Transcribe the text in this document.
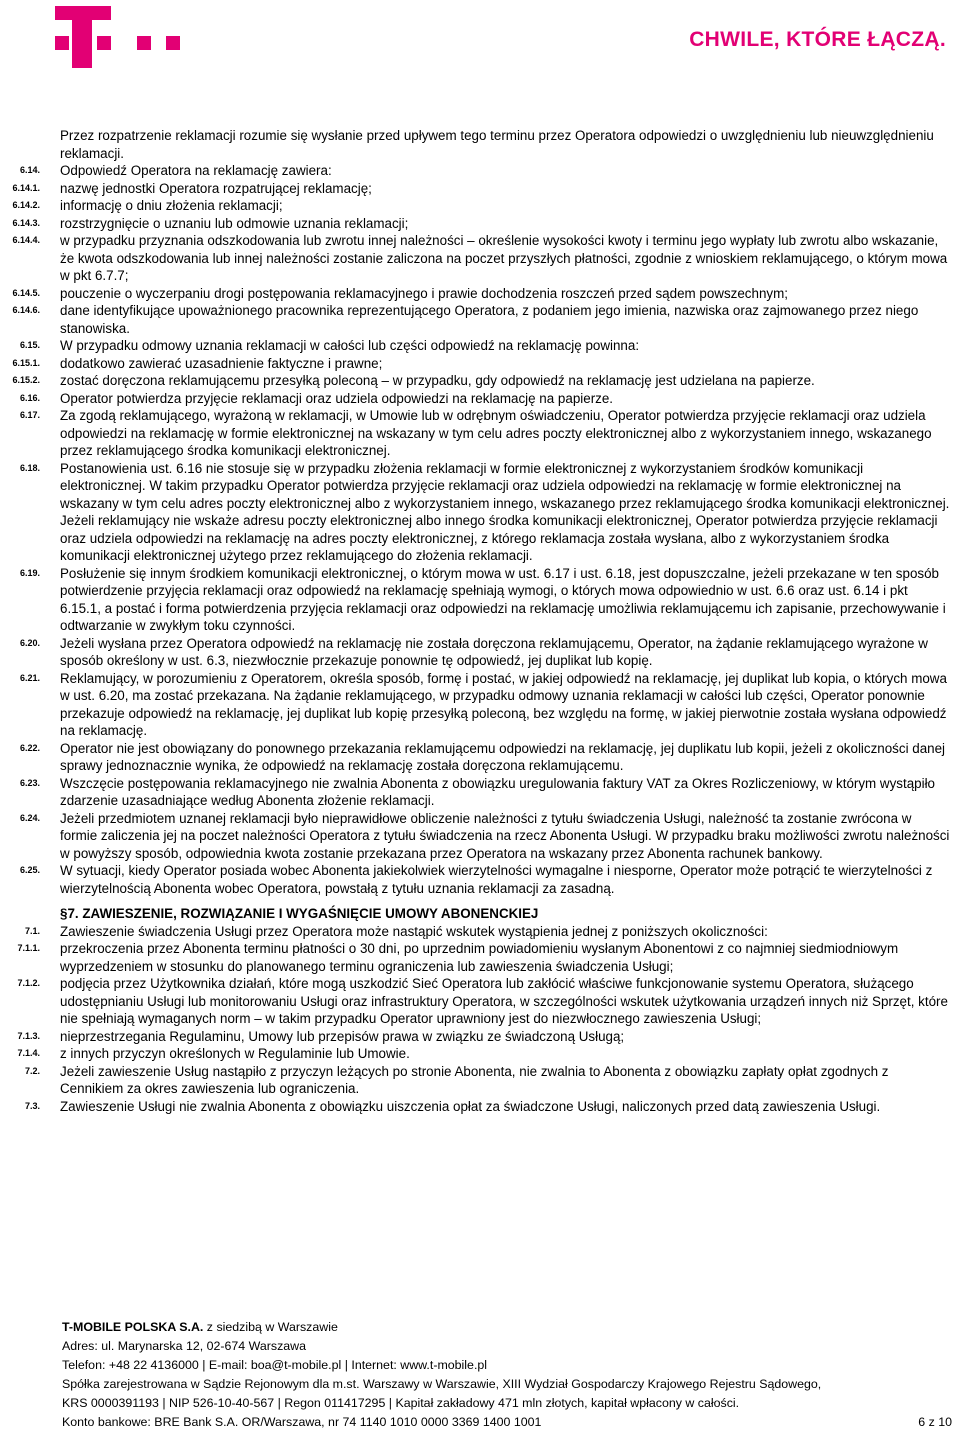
CHWILE, KTÓRE ŁĄCZĄ.
Przez rozpatrzenie reklamacji rozumie się wysłanie przed upływem tego terminu przez Operatora odpowiedzi o uwzględnieniu lub nieuwzględnieniu reklamacji.
6.14.	Odpowiedź Operatora na reklamację zawiera:
6.14.1.	nazwę jednostki Operatora rozpatrującej reklamację;
6.14.2.	informację o dniu złożenia reklamacji;
6.14.3.	rozstrzygnięcie o uznaniu lub odmowie uznania reklamacji;
6.14.4.	w przypadku przyznania odszkodowania lub zwrotu innej należności – określenie wysokości kwoty i terminu jego wypłaty lub zwrotu albo wskazanie, że kwota odszkodowania lub innej należności zostanie zaliczona na poczet przyszłych płatności, zgodnie z wnioskiem reklamującego, o którym mowa w pkt 6.7.7;
6.14.5.	pouczenie o wyczerpaniu drogi postępowania reklamacyjnego i prawie dochodzenia roszczeń przed sądem powszechnym;
6.14.6.	dane identyfikujące upoważnionego pracownika reprezentującego Operatora, z podaniem jego imienia, nazwiska oraz zajmowanego przez niego stanowiska.
6.15.	W przypadku odmowy uznania reklamacji w całości lub części odpowiedź na reklamację powinna:
6.15.1.	dodatkowo zawierać uzasadnienie faktyczne i prawne;
6.15.2.	zostać doręczona reklamującemu przesyłką poleconą – w przypadku, gdy odpowiedź na reklamację jest udzielana na papierze.
6.16.	Operator potwierdza przyjęcie reklamacji oraz udziela odpowiedzi na reklamację na papierze.
6.17.	Za zgodą reklamującego, wyrażoną w reklamacji, w Umowie lub w odrębnym oświadczeniu, Operator potwierdza przyjęcie reklamacji oraz udziela odpowiedzi na reklamację w formie elektronicznej na wskazany w tym celu adres poczty elektronicznej albo z wykorzystaniem innego, wskazanego przez reklamującego środka komunikacji elektronicznej.
6.18.	Postanowienia ust. 6.16 nie stosuje się w przypadku złożenia reklamacji w formie elektronicznej z wykorzystaniem środków komunikacji elektronicznej. W takim przypadku Operator potwierdza przyjęcie reklamacji oraz udziela odpowiedzi na reklamację w formie elektronicznej na wskazany w tym celu adres poczty elektronicznej albo z wykorzystaniem innego, wskazanego przez reklamującego środka komunikacji elektronicznej. Jeżeli reklamujący nie wskaże adresu poczty elektronicznej albo innego środka komunikacji elektronicznej, Operator potwierdza przyjęcie reklamacji oraz udziela odpowiedzi na reklamację na adres poczty elektronicznej, z którego reklamacja została wysłana, albo z wykorzystaniem środka komunikacji elektronicznej użytego przez reklamującego do złożenia reklamacji.
6.19.	Posłużenie się innym środkiem komunikacji elektronicznej, o którym mowa w ust. 6.17 i ust. 6.18, jest dopuszczalne, jeżeli przekazane w ten sposób potwierdzenie przyjęcia reklamacji oraz odpowiedź na reklamację spełniają wymogi, o których mowa odpowiednio w ust. 6.6 oraz ust. 6.14 i pkt 6.15.1, a postać i forma potwierdzenia przyjęcia reklamacji oraz odpowiedzi na reklamację umożliwia reklamującemu ich zapisanie, przechowywanie i odtwarzanie w zwykłym toku czynności.
6.20.	Jeżeli wysłana przez Operatora odpowiedź na reklamację nie została doręczona reklamującemu, Operator, na żądanie reklamującego wyrażone w sposób określony w ust. 6.3, niezwłocznie przekazuje ponownie tę odpowiedź, jej duplikat lub kopię.
6.21.	Reklamujący, w porozumieniu z Operatorem, określa sposób, formę i postać, w jakiej odpowiedź na reklamację, jej duplikat lub kopia, o których mowa w ust. 6.20, ma zostać przekazana. Na żądanie reklamującego, w przypadku odmowy uznania reklamacji w całości lub części, Operator ponownie przekazuje odpowiedź na reklamację, jej duplikat lub kopię przesyłką poleconą, bez względu na formę, w jakiej pierwotnie została wysłana odpowiedź na reklamację.
6.22.	Operator nie jest obowiązany do ponownego przekazania reklamującemu odpowiedzi na reklamację, jej duplikatu lub kopii, jeżeli z okoliczności danej sprawy jednoznacznie wynika, że odpowiedź na reklamację została doręczona reklamującemu.
6.23.	Wszczęcie postępowania reklamacyjnego nie zwalnia Abonenta z obowiązku uregulowania faktury VAT za Okres Rozliczeniowy, w którym wystąpiło zdarzenie uzasadniające według Abonenta złożenie reklamacji.
6.24.	Jeżeli przedmiotem uznanej reklamacji było nieprawidłowe obliczenie należności z tytułu świadczenia Usługi, należność ta zostanie zwrócona w formie zaliczenia jej na poczet należności Operatora z tytułu świadczenia na rzecz Abonenta Usługi. W przypadku braku możliwości zwrotu należności w powyższy sposób, odpowiednia kwota zostanie przekazana przez Operatora na wskazany przez Abonenta rachunek bankowy.
6.25.	W sytuacji, kiedy Operator posiada wobec Abonenta jakiekolwiek wierzytelności wymagalne i niesporne, Operator może potrącić te wierzytelności z wierzytelnością Abonenta wobec Operatora, powstałą z tytułu uznania reklamacji za zasadną.
§7. ZAWIESZENIE, ROZWIĄZANIE I WYGAŚNIĘCIE UMOWY ABONENCKIEJ
7.1.	Zawieszenie świadczenia Usługi przez Operatora może nastąpić wskutek wystąpienia jednej z poniższych okoliczności:
7.1.1.	przekroczenia przez Abonenta terminu płatności o 30 dni, po uprzednim powiadomieniu wysłanym Abonentowi z co najmniej siedmiodniowym wyprzedzeniem w stosunku do planowanego terminu ograniczenia lub zawieszenia świadczenia Usługi;
7.1.2.	podjęcia przez Użytkownika działań, które mogą uszkodzić Sieć Operatora lub zakłócić właściwe funkcjonowanie systemu Operatora, służącego udostępnianiu Usługi lub monitorowaniu Usługi oraz infrastruktury Operatora, w szczególności wskutek użytkowania urządzeń innych niż Sprzęt, które nie spełniają wymaganych norm – w takim przypadku Operator uprawniony jest do niezwłocznego zawieszenia Usługi;
7.1.3.	nieprzestrzegania Regulaminu, Umowy lub przepisów prawa w związku ze świadczoną Usługą;
7.1.4.	z innych przyczyn określonych w Regulaminie lub Umowie.
7.2.	Jeżeli zawieszenie Usług nastąpiło z przyczyn leżących po stronie Abonenta, nie zwalnia to Abonenta z obowiązku zapłaty opłat zgodnych z Cennikiem za okres zawieszenia lub ograniczenia.
7.3.	Zawieszenie Usługi nie zwalnia Abonenta z obowiązku uiszczenia opłat za świadczone Usługi, naliczonych przed datą zawieszenia Usługi.
T-MOBILE POLSKA S.A. z siedzibą w Warszawie
Adres: ul. Marynarska 12, 02-674 Warszawa
Telefon: +48 22 4136000 | E-mail: boa@t-mobile.pl | Internet: www.t-mobile.pl
Spółka zarejestrowana w Sądzie Rejonowym dla m.st. Warszawy w Warszawie, XIII Wydział Gospodarczy Krajowego Rejestru Sądowego,
KRS 0000391193 | NIP 526-10-40-567 | Regon 011417295 | Kapitał zakładowy 471 mln złotych, kapitał wpłacony w całości.
Konto bankowe: BRE Bank S.A. OR/Warszawa, nr 74 1140 1010 0000 3369 1400 1001	6 z 10
